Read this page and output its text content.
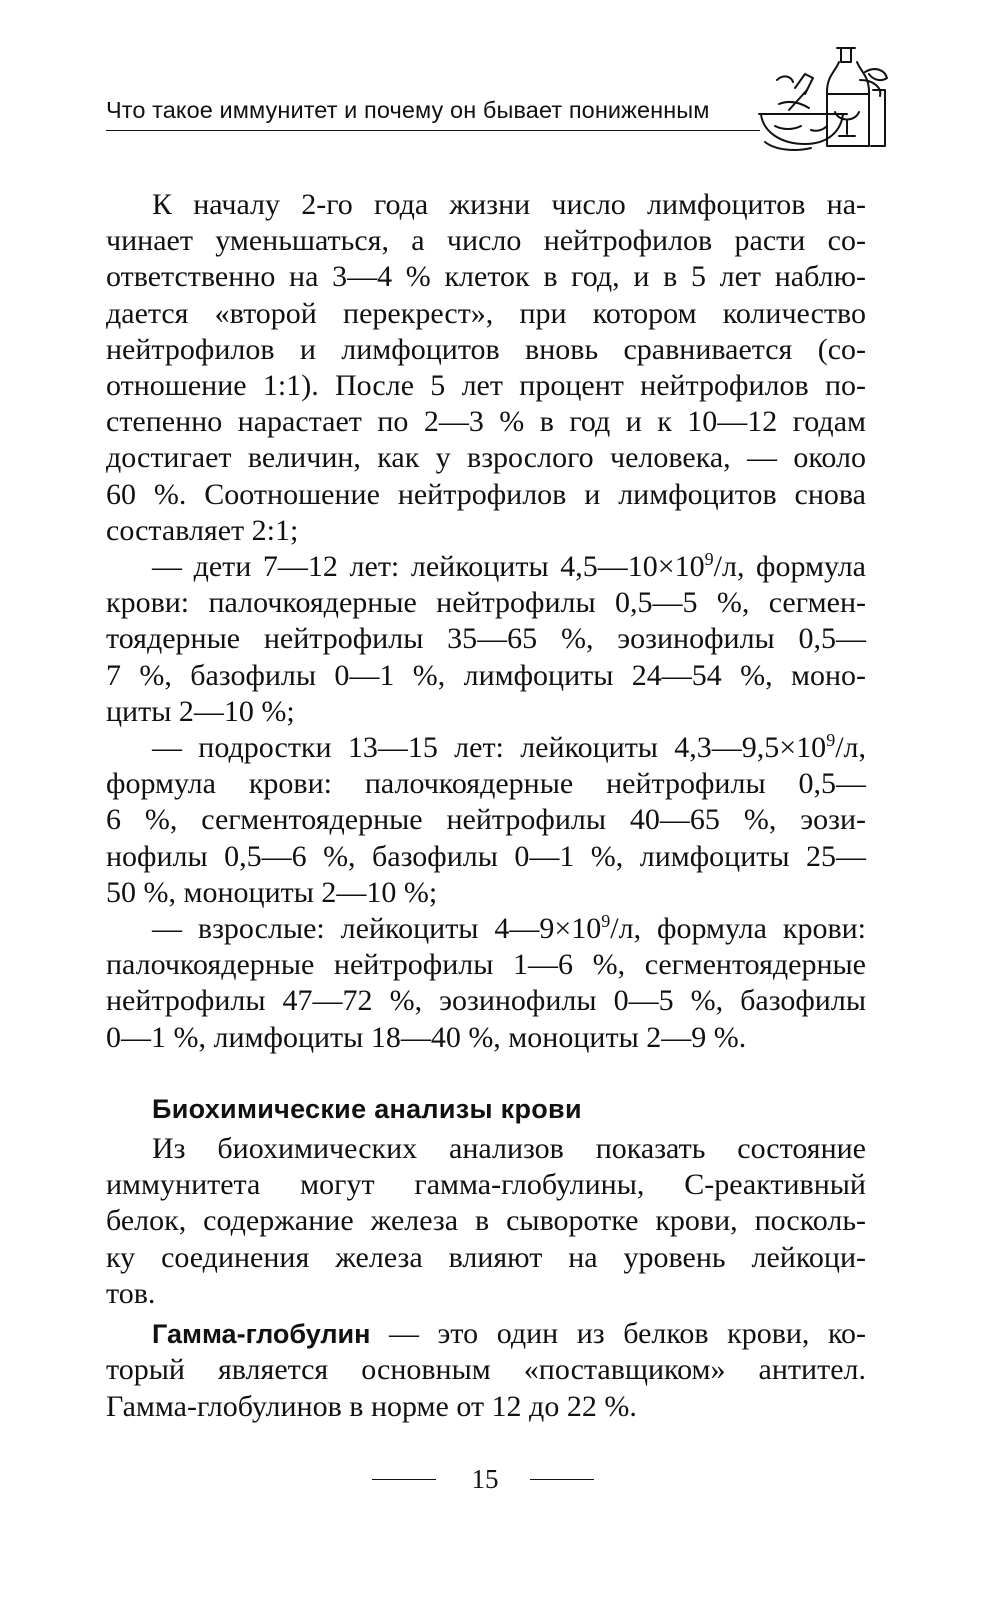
Что такое иммунитет и почему он бывает пониженным

К началу 2-го года жизни число лимфоцитов на-
чинает уменьшаться, а число нейтрофилов расти со-
ответственно на 3—4 % клеток в год, и в 5 лет наблю-
дается «второй перекрест», при котором количество
нейтрофилов и лимфоцитов вновь сравнивается (со-
отношение 1:1). После 5 лет процент нейтрофилов по-
степенно нарастает по 2—3 % в год и к 10—12 годам
достигает величин, как у взрослого человека, — около
60 %. Соотношение нейтрофилов и лимфоцитов снова
составляет 2:1;

— дети 7—12 лет: лейкоциты $4,5—10\times 10^9/л$, формула
крови: палочкоядерные нейтрофилы 0,5—5 %, сегмен-
тоядерные нейтрофилы 35—65 %, эозинофилы 0,5—
7 %, базофилы 0—1 %, лимфоциты 24—54 %, моно-
циты 2—10 %;

— подростки 13—15 лет: лейкоциты $4,3—9,5\times 10^9/л$,
формула крови: палочкоядерные нейтрофилы 0,5—
6 %, сегментоядерные нейтрофилы 40—65 %, эози-
нофилы 0,5—6 %, базофилы 0—1 %, лимфоциты 25—
50 %, моноциты 2—10 %;

— взрослые: лейкоциты $4—9\times 10^9/л$, формула крови:
палочкоядерные нейтрофилы 1—6 %, сегментоядерные
нейтрофилы 47—72 %, эозинофилы 0—5 %, базофилы
0—1 %, лимфоциты 18—40 %, моноциты 2—9 %.

Биохимические анализы крови

Из биохимических анализов показать состояние
иммунитета могут гамма-глобулины, С-реактивный
белок, содержание железа в сыворотке крови, посколь-
ку соединения железа влияют на уровень лейкоци-
тов.

Гамма-глобулин — это один из белков крови, ко-
торый является основным «поставщиком» антител.
Гамма-глобулинов в норме от 12 до 22 %.

15
